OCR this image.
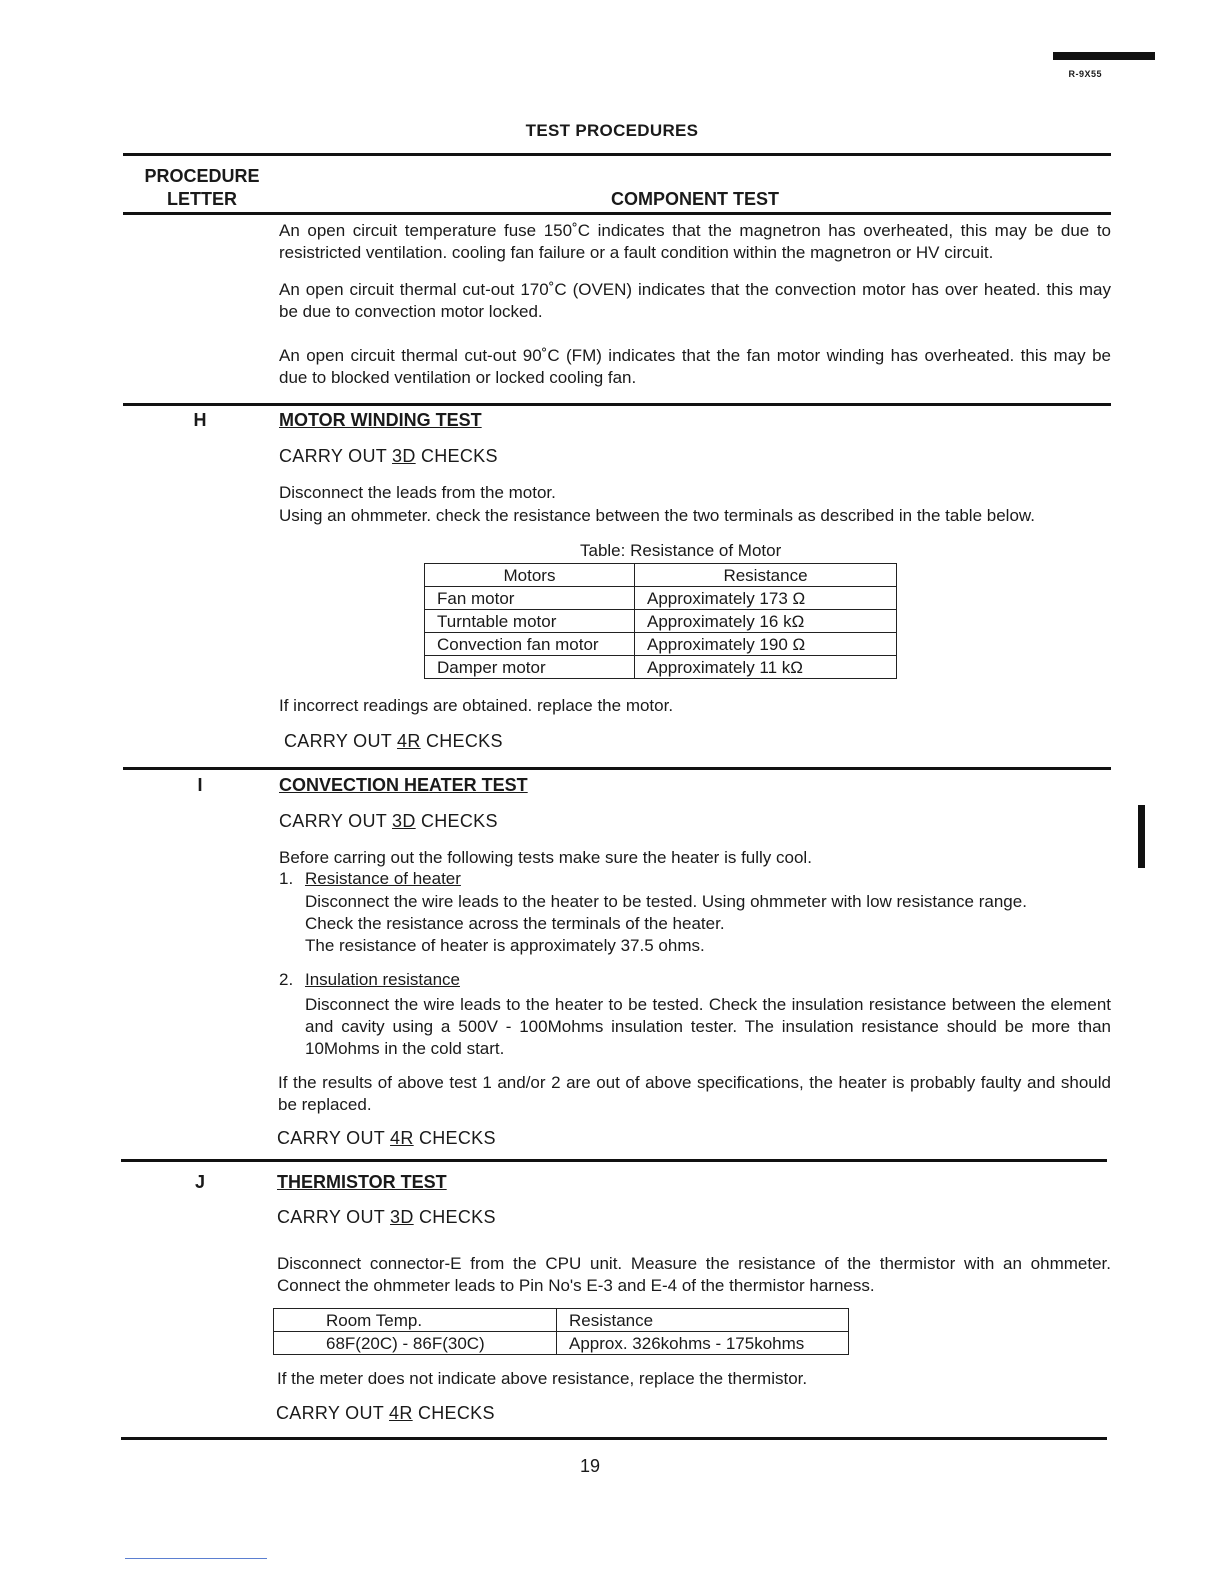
R-9X55
TEST PROCEDURES
PROCEDURE
LETTER	COMPONENT TEST
An open circuit temperature fuse 150˚C indicates that the magnetron has overheated, this may be due to resistricted ventilation. cooling fan failure or a fault condition within the magnetron or HV circuit.
An open circuit thermal cut-out 170˚C (OVEN) indicates that the convection motor has over heated. this may be due to convection motor locked.
An open circuit thermal cut-out 90˚C (FM) indicates that the fan motor winding has overheated. this may be due to blocked ventilation or locked cooling fan.
H	MOTOR WINDING TEST
CARRY OUT 3D CHECKS
Disconnect the leads from the motor.
Using an ohmmeter. check the resistance between the two terminals as described in the table below.
Table: Resistance of Motor
Motors	Resistance
Fan motor	Approximately 173 Ω
Turntable motor	Approximately 16 kΩ
Convection fan motor	Approximately 190 Ω
Damper motor	Approximately 11 kΩ
If incorrect readings are obtained. replace the motor.
CARRY OUT 4R CHECKS
I	CONVECTION HEATER TEST
CARRY OUT 3D CHECKS
Before carring out the following tests make sure the heater is fully cool.
1. Resistance of heater
Disconnect the wire leads to the heater to be tested. Using ohmmeter with low resistance range.
Check the resistance across the terminals of the heater.
The resistance of heater is approximately 37.5 ohms.
2. Insulation resistance
Disconnect the wire leads to the heater to be tested. Check the insulation resistance between the element and cavity using a 500V - 100Mohms insulation tester. The insulation resistance should be more than 10Mohms in the cold start.
If the results of above test 1 and/or 2 are out of above specifications, the heater is probably faulty and should be replaced.
CARRY OUT 4R CHECKS
J	THERMISTOR TEST
CARRY OUT 3D CHECKS
Disconnect connector-E from the CPU unit. Measure the resistance of the thermistor with an ohmmeter. Connect the ohmmeter leads to Pin No's E-3 and E-4 of the thermistor harness.
Room Temp.	Resistance
68F(20C) - 86F(30C)	Approx. 326kohms - 175kohms
If the meter does not indicate above resistance, replace the thermistor.
CARRY OUT 4R CHECKS
19
